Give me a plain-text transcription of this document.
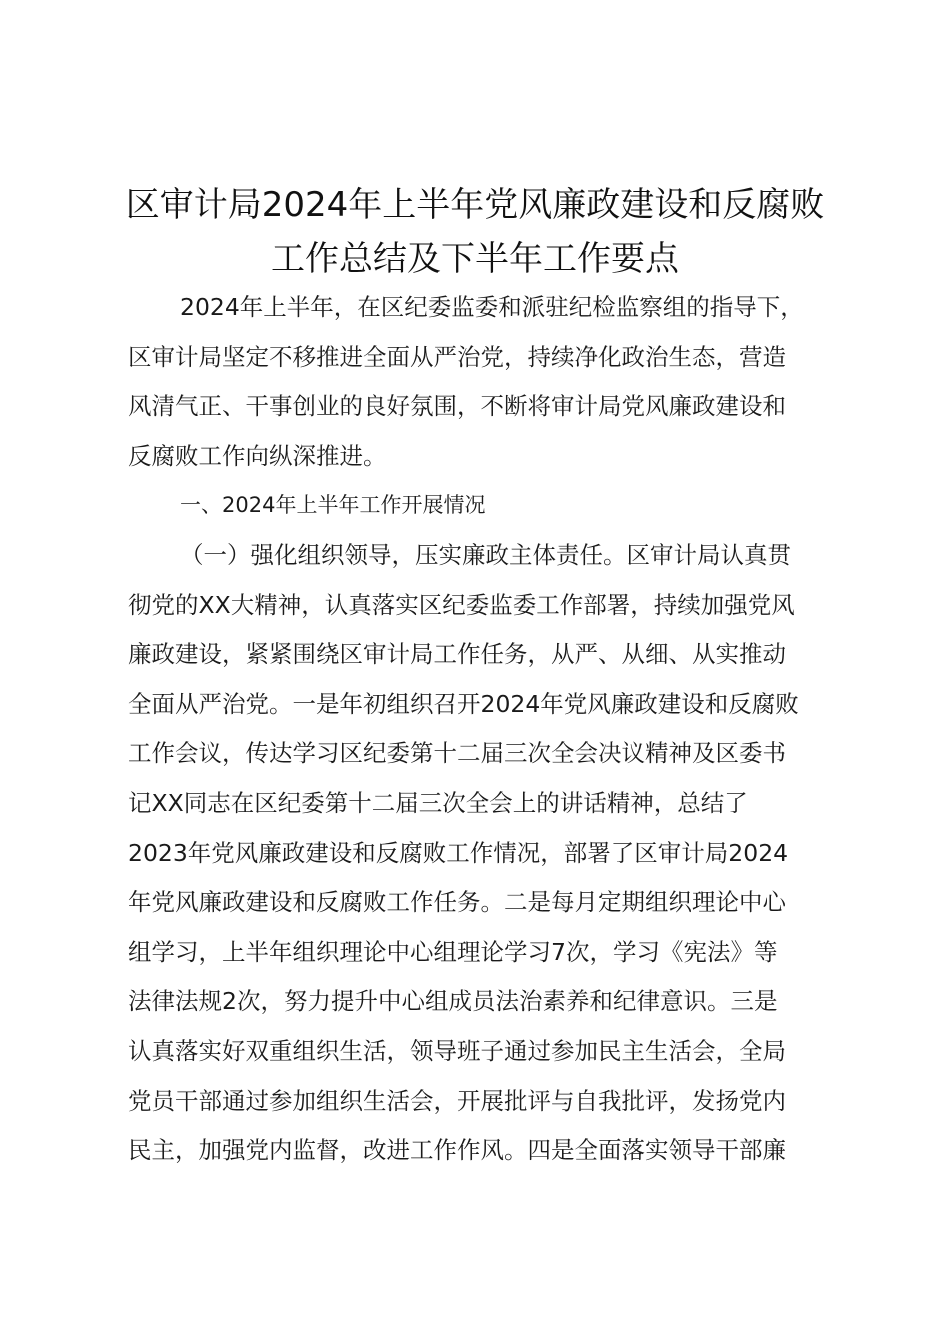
区审计局2024年上半年党风廉政建设和反腐败
工作总结及下半年工作要点
2024年上半年，在区纪委监委和派驻纪检监察组的指导下，
区审计局坚定不移推进全面从严治党，持续净化政治生态，营造
风清气正、干事创业的良好氛围，不断将审计局党风廉政建设和
反腐败工作向纵深推进。
一、2024年上半年工作开展情况
（一）强化组织领导，压实廉政主体责任。区审计局认真贯
彻党的XX大精神，认真落实区纪委监委工作部署，持续加强党风
廉政建设，紧紧围绕区审计局工作任务，从严、从细、从实推动
全面从严治党。一是年初组织召开2024年党风廉政建设和反腐败
工作会议，传达学习区纪委第十二届三次全会决议精神及区委书
记XX同志在区纪委第十二届三次全会上的讲话精神，总结了
2023年党风廉政建设和反腐败工作情况，部署了区审计局2024
年党风廉政建设和反腐败工作任务。二是每月定期组织理论中心
组学习，上半年组织理论中心组理论学习7次，学习《宪法》等
法律法规2次，努力提升中心组成员法治素养和纪律意识。三是
认真落实好双重组织生活，领导班子通过参加民主生活会，全局
党员干部通过参加组织生活会，开展批评与自我批评，发扬党内
民主，加强党内监督，改进工作作风。四是全面落实领导干部廉
